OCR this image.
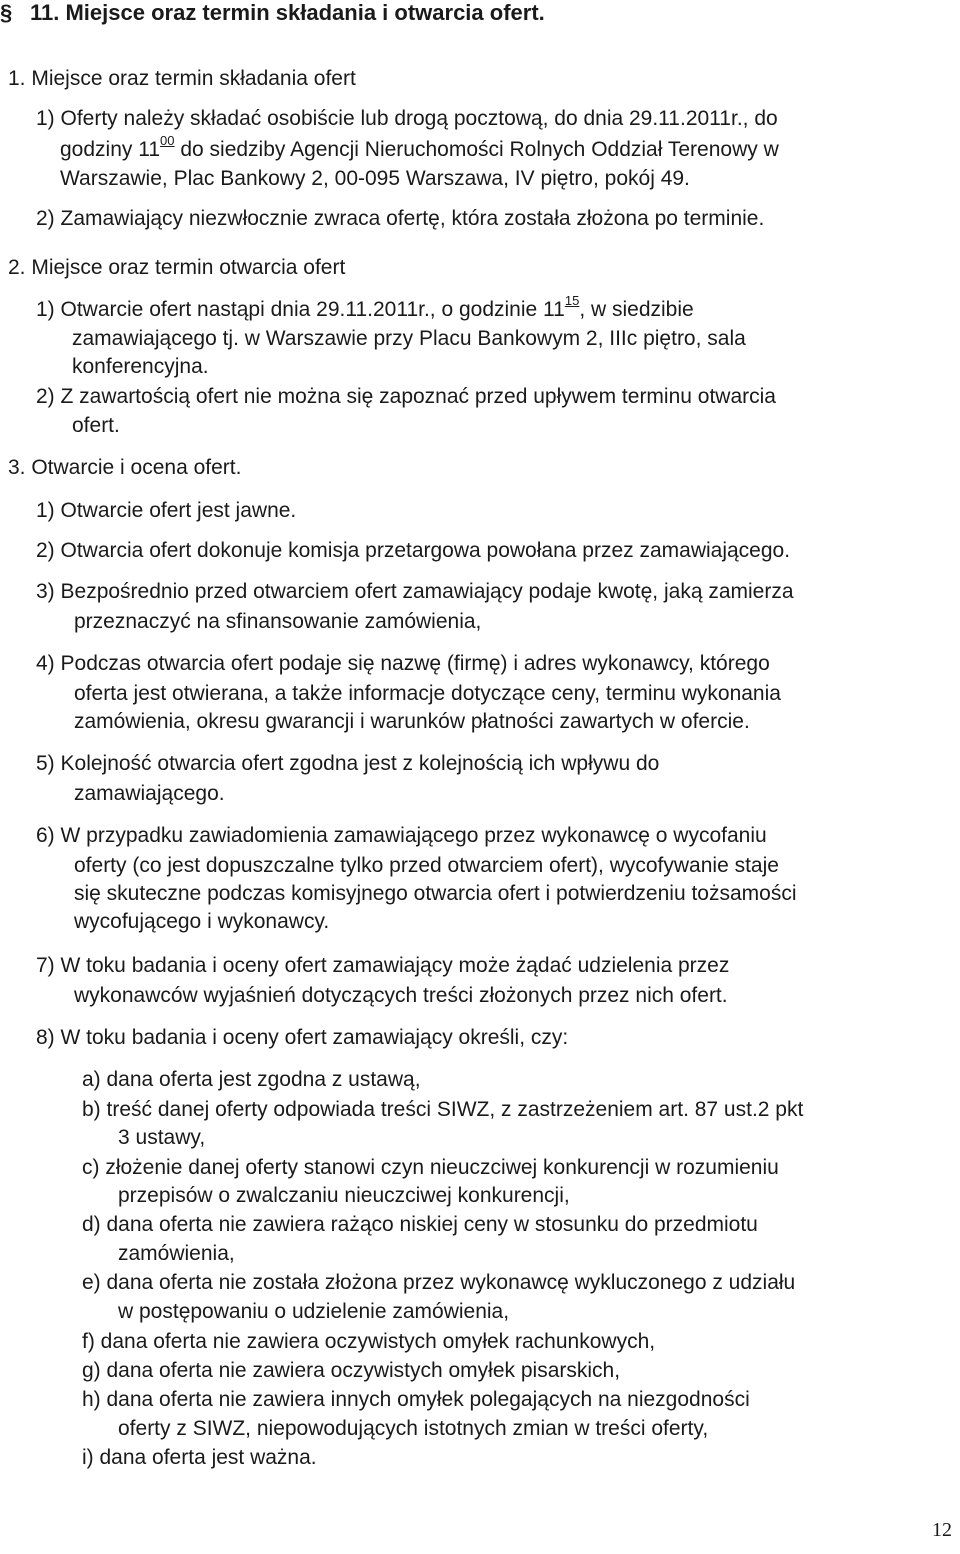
§ 11. Miejsce oraz termin składania i otwarcia ofert.
1. Miejsce oraz termin składania ofert
1) Oferty należy składać osobiście lub drogą pocztową, do dnia 29.11.2011r., do
godziny $11^{00}$ do siedziby Agencji Nieruchomości Rolnych Oddział Terenowy w
Warszawie, Plac Bankowy 2, 00-095 Warszawa, IV piętro, pokój 49.
2) Zamawiający niezwłocznie zwraca ofertę, która została złożona po terminie.
2. Miejsce oraz termin otwarcia ofert
1) Otwarcie ofert nastąpi dnia 29.11.2011r., o godzinie $11^{15}$, w siedzibie
zamawiającego tj. w Warszawie przy Placu Bankowym 2, IIIc piętro, sala
konferencyjna.
2) Z zawartością ofert nie można się zapoznać przed upływem terminu otwarcia
ofert.
3. Otwarcie i ocena ofert.
1) Otwarcie ofert jest jawne.
2) Otwarcia ofert dokonuje komisja przetargowa powołana przez zamawiającego.
3) Bezpośrednio przed otwarciem ofert zamawiający podaje kwotę, jaką zamierza
przeznaczyć na sfinansowanie zamówienia,
4) Podczas otwarcia ofert podaje się nazwę (firmę) i adres wykonawcy, którego
oferta jest otwierana, a także informacje dotyczące ceny, terminu wykonania
zamówienia, okresu gwarancji i warunków płatności zawartych w ofercie.
5) Kolejność otwarcia ofert zgodna jest z kolejnością ich wpływu do
zamawiającego.
6) W przypadku zawiadomienia zamawiającego przez wykonawcę o wycofaniu
oferty (co jest dopuszczalne tylko przed otwarciem ofert), wycofywanie staje
się skuteczne podczas komisyjnego otwarcia ofert i potwierdzeniu tożsamości
wycofującego i wykonawcy.
7) W toku badania i oceny ofert zamawiający może żądać udzielenia przez
wykonawców wyjaśnień dotyczących treści złożonych przez nich ofert.
8) W toku badania i oceny ofert zamawiający określi, czy:
a) dana oferta jest zgodna z ustawą,
b) treść danej oferty odpowiada treści SIWZ, z zastrzeżeniem art. 87 ust.2 pkt
3 ustawy,
c) złożenie danej oferty stanowi czyn nieuczciwej konkurencji w rozumieniu
przepisów o zwalczaniu nieuczciwej konkurencji,
d) dana oferta nie zawiera rażąco niskiej ceny w stosunku do przedmiotu
zamówienia,
e) dana oferta nie została złożona przez wykonawcę wykluczonego z udziału
w postępowaniu o udzielenie zamówienia,
f) dana oferta nie zawiera oczywistych omyłek rachunkowych,
g) dana oferta nie zawiera oczywistych omyłek pisarskich,
h) dana oferta nie zawiera innych omyłek polegających na niezgodności
oferty z SIWZ, niepowodujących istotnych zmian w treści oferty,
i) dana oferta jest ważna.
12
